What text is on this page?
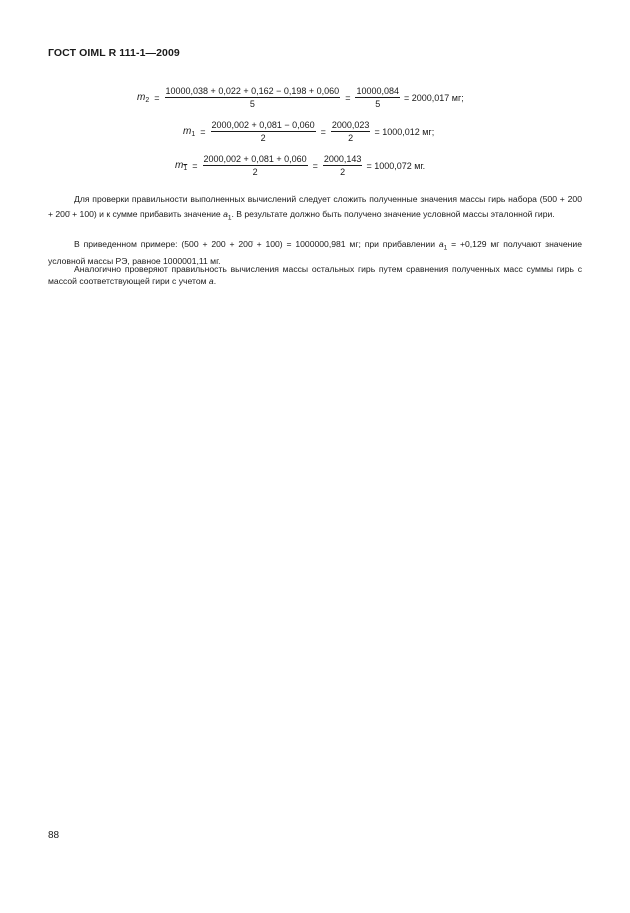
ГОСТ OIML R 111-1—2009
$m_2 = \frac{10000,038 + 0,022 + 0,162 - 0,198 + 0,060}{5} = \frac{10000,084}{5} = 2000,017$ мг;
$m_1 = \frac{2000,002 + 0,081 - 0,060}{2} = \frac{2000,023}{2} = 1000,012$ мг;
$m_1 = \frac{2000,002 + 0,081 + 0,060}{2} = \frac{2000,143}{2} = 1000,072$ мг.
Для проверки правильности выполненных вычислений следует сложить полученные значения массы гирь набора (500 + 200 + 200̇ + 100) и к сумме прибавить значение $a_1$. В результате должно быть получено значение условной массы эталонной гири.
В приведенном примере: (500 + 200 + 200̇ + 100) = 1000000,981 мг; при прибавлении $a_1 = +0,129$ мг получают значение условной массы РЭ, равное 1000001,11 мг.
Аналогично проверяют правильность вычисления массы остальных гирь путем сравнения полученных масс суммы гирь с массой соответствующей гири с учетом a.
88
